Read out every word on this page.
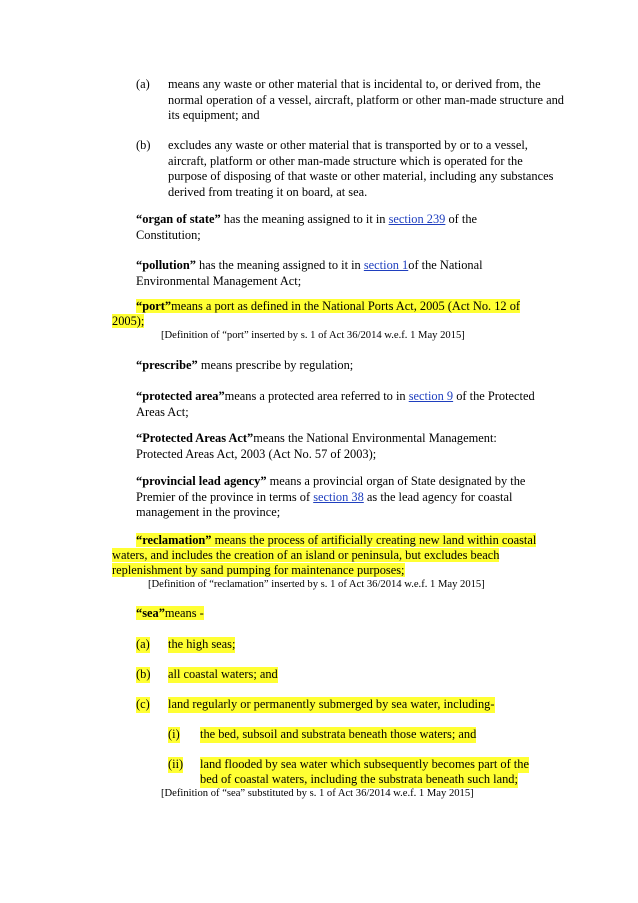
(a) means any waste or other material that is incidental to, or derived from, the normal operation of a vessel, aircraft, platform or other man-made structure and its equipment; and
(b) excludes any waste or other material that is transported by or to a vessel, aircraft, platform or other man-made structure which is operated for the purpose of disposing of that waste or other material, including any substances derived from treating it on board, at sea.
“organ of state” has the meaning assigned to it in section 239 of the Constitution;
“pollution” has the meaning assigned to it in section 1of the National Environmental Management Act;
“port”means a port as defined in the National Ports Act, 2005 (Act No. 12 of
2005);
[Definition of “port” inserted by s. 1 of Act 36/2014 w.e.f. 1 May 2015]
“prescribe” means prescribe by regulation;
“protected area”means a protected area referred to in section 9 of the Protected Areas Act;
“Protected Areas Act”means the National Environmental Management: Protected Areas Act, 2003 (Act No. 57 of 2003);
“provincial lead agency” means a provincial organ of State designated by the Premier of the province in terms of section 38 as the lead agency for coastal management in the province;
“reclamation” means the process of artificially creating new land within coastal
waters, and includes the creation of an island or peninsula, but excludes beach
replenishment by sand pumping for maintenance purposes;
[Definition of “reclamation” inserted by s. 1 of Act 36/2014 w.e.f. 1 May 2015]
“sea”means -
(a) the high seas;
(b) all coastal waters; and
(c) land regularly or permanently submerged by sea water, including-
(i) the bed, subsoil and substrata beneath those waters; and
(ii) land flooded by sea water which subsequently becomes part of the
bed of coastal waters, including the substrata beneath such land;
[Definition of “sea” substituted by s. 1 of Act 36/2014 w.e.f. 1 May 2015]
